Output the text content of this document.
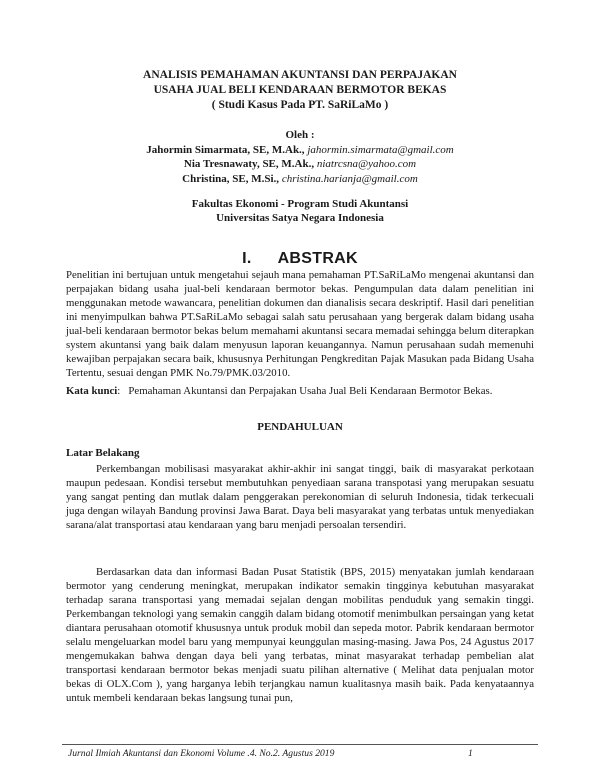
ANALISIS PEMAHAMAN AKUNTANSI DAN PERPAJAKAN
USAHA JUAL BELI KENDARAAN BERMOTOR BEKAS
( Studi Kasus Pada PT. SaRiLaMo )
Oleh :
Jahormin Simarmata, SE, M.Ak., jahormin.simarmata@gmail.com
Nia Tresnawaty, SE, M.Ak., niatrcsna@yahoo.com
Christina, SE, M.Si., christina.harianja@gmail.com
Fakultas Ekonomi - Program Studi Akuntansi
Universitas Satya Negara Indonesia
I. ABSTRAK

Penelitian ini bertujuan untuk mengetahui sejauh mana pemahaman PT.SaRiLaMo mengenai akuntansi dan perpajakan bidang usaha jual-beli kendaraan bermotor bekas. Pengumpulan data dalam penelitian ini menggunakan metode wawancara, penelitian dokumen dan dianalisis secara deskriptif. Hasil dari penelitian ini menyimpulkan bahwa PT.SaRiLaMo sebagai salah satu perusahaan yang bergerak dalam bidang usaha jual-beli kendaraan bermotor bekas belum memahami akuntansi secara memadai sehingga belum diterapkan system akuntansi yang baik dalam menyusun laporan keuangannya. Namun perusahaan sudah memenuhi kewajiban perpajakan secara baik, khususnya Perhitungan Pengkreditan Pajak Masukan pada Bidang Usaha Tertentu, sesuai dengan PMK No.79/PMK.03/2010.

Kata kunci: Pemahaman Akuntansi dan Perpajakan Usaha Jual Beli Kendaraan Bermotor Bekas.
PENDAHULUAN
Latar Belakang

Perkembangan mobilisasi masyarakat akhir-akhir ini sangat tinggi, baik di masyarakat perkotaan maupun pedesaan. Kondisi tersebut membutuhkan penyediaan sarana transpotasi yang merupakan sesuatu yang sangat penting dan mutlak dalam penggerakan perekonomian di seluruh Indonesia, tidak terkecuali juga dengan wilayah Bandung provinsi Jawa Barat. Daya beli masyarakat yang terbatas untuk menyediakan sarana/alat transportasi atau kendaraan yang baru menjadi persoalan tersendiri.

Berdasarkan data dan informasi Badan Pusat Statistik (BPS, 2015) menyatakan jumlah kendaraan bermotor yang cenderung meningkat, merupakan indikator semakin tingginya kebutuhan masyarakat terhadap sarana transportasi yang memadai sejalan dengan mobilitas penduduk yang semakin tinggi. Perkembangan teknologi yang semakin canggih dalam bidang otomotif menimbulkan persaingan yang ketat diantara perusahaan otomotif khususnya untuk produk mobil dan sepeda motor. Pabrik kendaraan bermotor selalu mengeluarkan model baru yang mempunyai keunggulan masing-masing. Jawa Pos, 24 Agustus 2017 mengemukakan bahwa dengan daya beli yang terbatas, minat masyarakat terhadap pembelian alat transportasi kendaraan bermotor bekas menjadi suatu pilihan alternative ( Melihat data penjualan motor bekas di OLX.Com ), yang harganya lebih terjangkau namun kualitasnya masih baik. Pada kenyataannya untuk membeli kendaraan bekas langsung tunai pun,

Jurnal Ilmiah Akuntansi dan Ekonomi Volume .4. No.2. Agustus 2019	1
